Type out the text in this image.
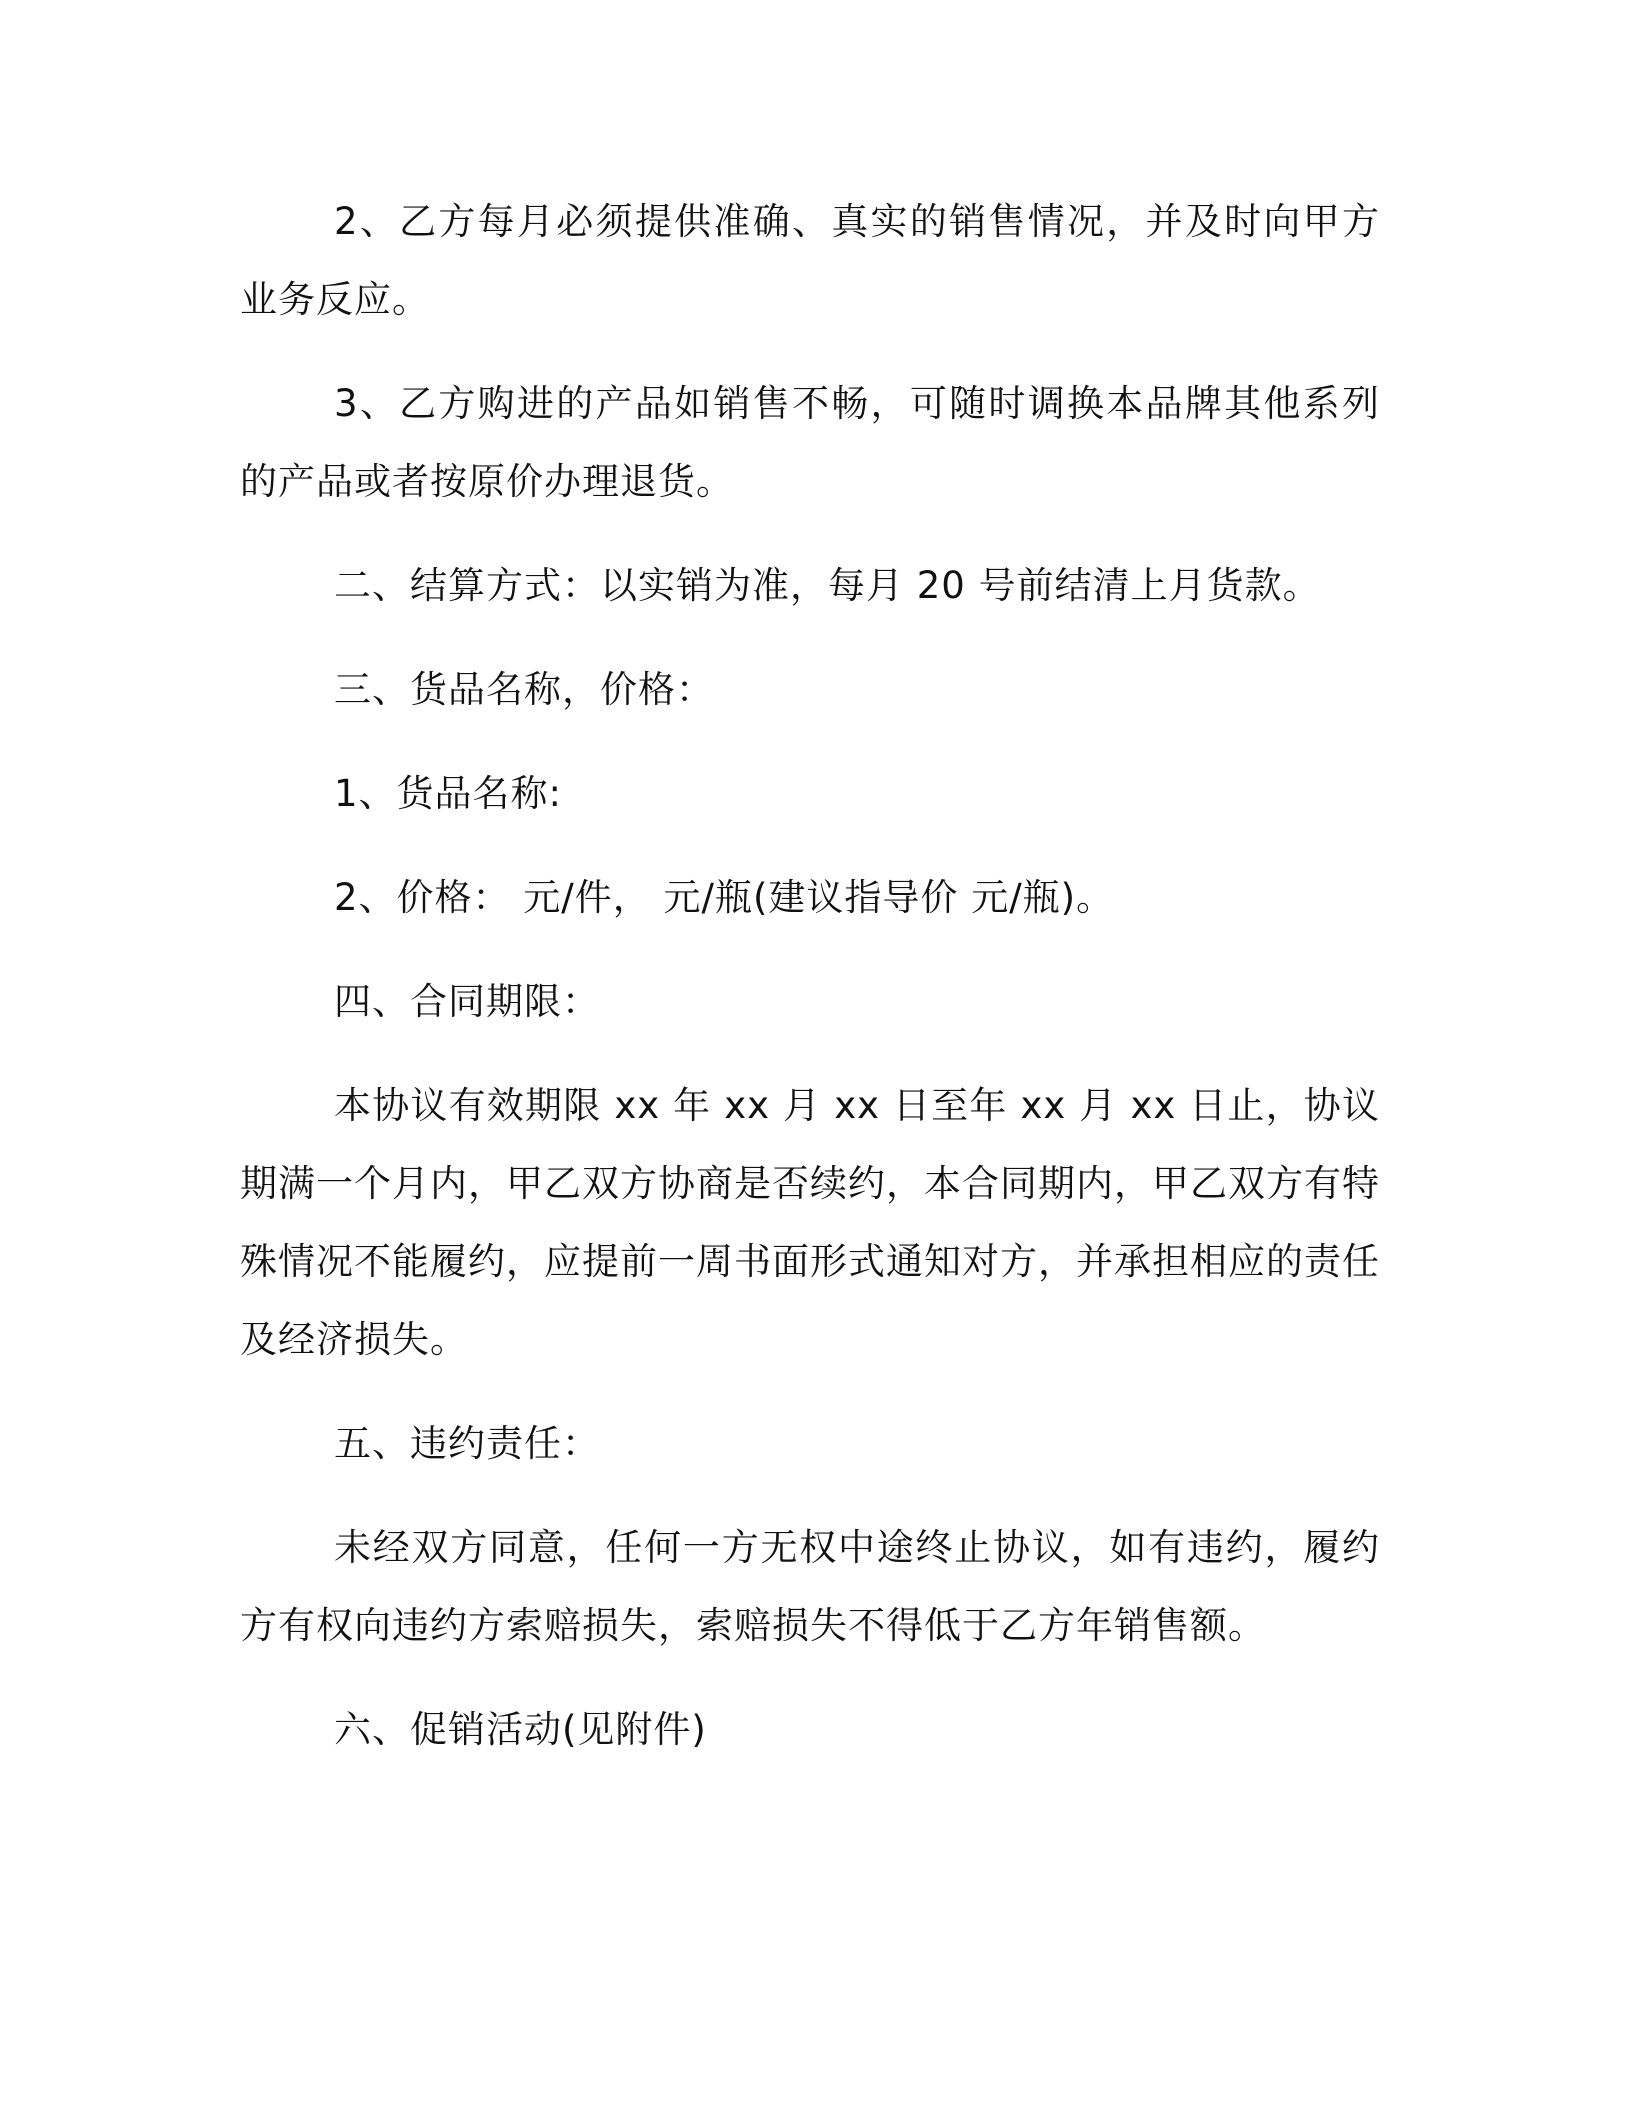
2、乙方每月必须提供准确、真实的销售情况，并及时向甲方业务反应。

3、乙方购进的产品如销售不畅，可随时调换本品牌其他系列的产品或者按原价办理退货。

二、结算方式：以实销为准，每月 20 号前结清上月货款。

三、货品名称，价格：

1、货品名称:

2、价格： 元/件， 元/瓶(建议指导价 元/瓶)。

四、合同期限：

本协议有效期限 xx 年 xx 月 xx 日至年 xx 月 xx 日止，协议期满一个月内，甲乙双方协商是否续约，本合同期内，甲乙双方有特殊情况不能履约，应提前一周书面形式通知对方，并承担相应的责任及经济损失。

五、违约责任：

未经双方同意，任何一方无权中途终止协议，如有违约，履约方有权向违约方索赔损失，索赔损失不得低于乙方年销售额。

六、促销活动(见附件)
